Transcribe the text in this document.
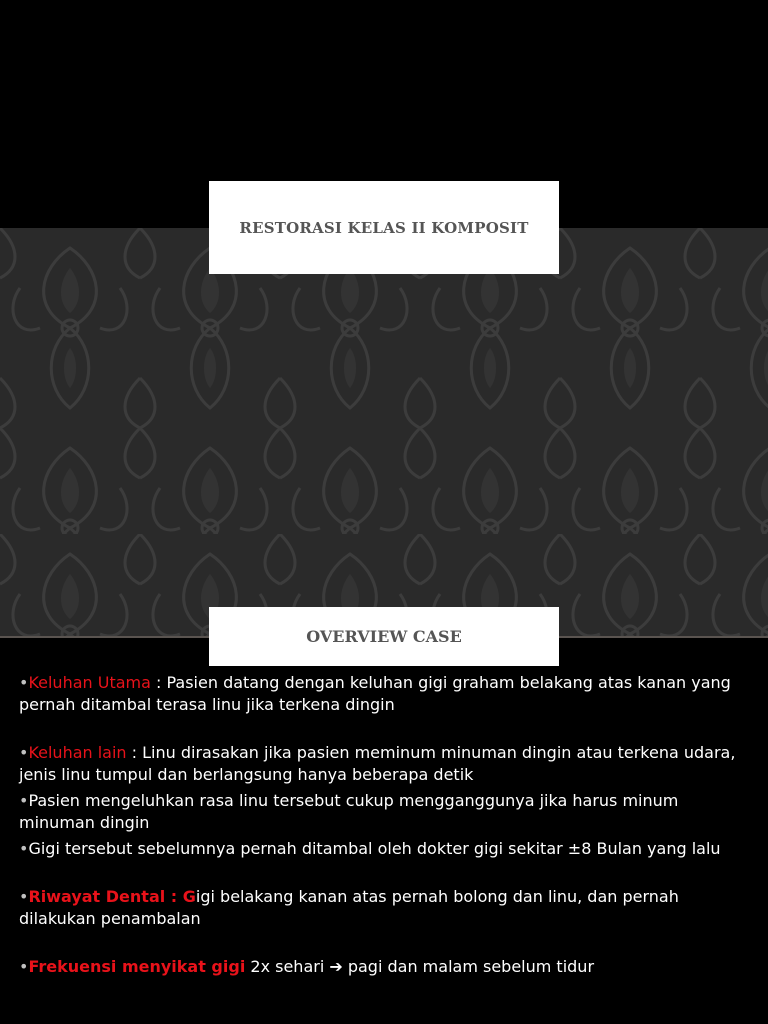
RESTORASI KELAS II KOMPOSIT
OVERVIEW CASE

•Keluhan Utama : Pasien datang dengan keluhan gigi graham belakang atas kanan yang pernah ditambal terasa linu jika terkena dingin

•Keluhan lain : Linu dirasakan jika pasien meminum minuman dingin atau terkena udara, jenis linu tumpul dan berlangsung hanya beberapa detik

•Pasien mengeluhkan rasa linu tersebut cukup mengganggunya jika harus minum minuman dingin

•Gigi tersebut sebelumnya pernah ditambal oleh dokter gigi sekitar ±8 Bulan yang lalu

•Riwayat Dental : Gigi belakang kanan atas pernah bolong dan linu, dan pernah dilakukan penambalan

•Frekuensi menyikat gigi 2x sehari ➔ pagi dan malam sebelum tidur
